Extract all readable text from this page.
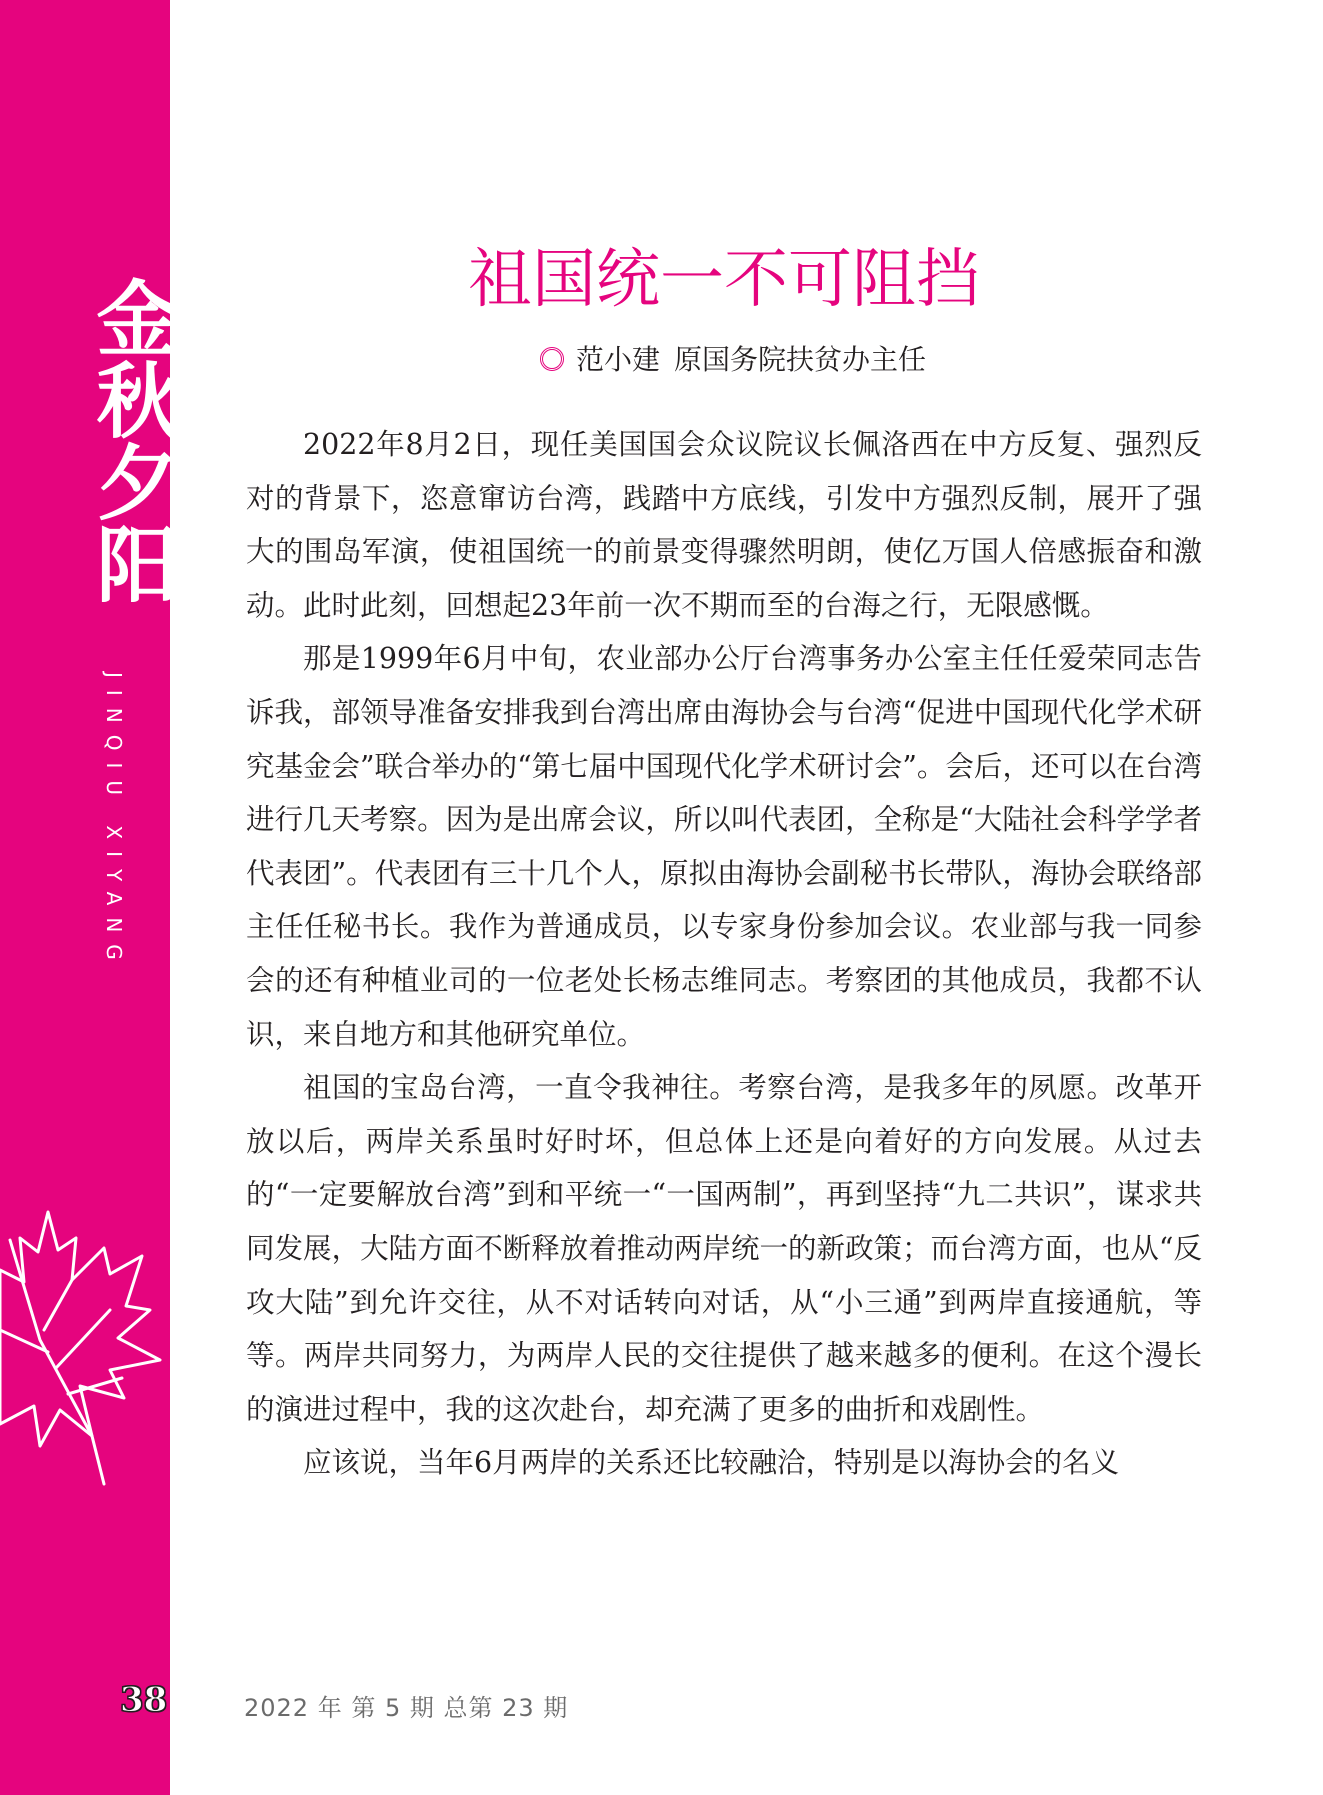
金秋夕阳
JINQIU XIYANG
祖国统一不可阻挡
范小建 原国务院扶贫办主任

2022年8月2日，现任美国国会众议院议长佩洛西在中方反复、强烈反对的背景下，恣意窜访台湾，践踏中方底线，引发中方强烈反制，展开了强大的围岛军演，使祖国统一的前景变得骤然明朗，使亿万国人倍感振奋和激动。此时此刻，回想起23年前一次不期而至的台海之行，无限感慨。

那是1999年6月中旬，农业部办公厅台湾事务办公室主任任爱荣同志告诉我，部领导准备安排我到台湾出席由海协会与台湾“促进中国现代化学术研究基金会”联合举办的“第七届中国现代化学术研讨会”。会后，还可以在台湾进行几天考察。因为是出席会议，所以叫代表团，全称是“大陆社会科学学者代表团”。代表团有三十几个人，原拟由海协会副秘书长带队，海协会联络部主任任秘书长。我作为普通成员，以专家身份参加会议。农业部与我一同参会的还有种植业司的一位老处长杨志维同志。考察团的其他成员，我都不认识，来自地方和其他研究单位。

祖国的宝岛台湾，一直令我神往。考察台湾，是我多年的夙愿。改革开放以后，两岸关系虽时好时坏，但总体上还是向着好的方向发展。从过去的“一定要解放台湾”到和平统一“一国两制”，再到坚持“九二共识”，谋求共同发展，大陆方面不断释放着推动两岸统一的新政策；而台湾方面，也从“反攻大陆”到允许交往，从不对话转向对话，从“小三通”到两岸直接通航，等等。两岸共同努力，为两岸人民的交往提供了越来越多的便利。在这个漫长的演进过程中，我的这次赴台，却充满了更多的曲折和戏剧性。

应该说，当年6月两岸的关系还比较融洽，特别是以海协会的名义

38	2022 年 第 5 期 总第 23 期
